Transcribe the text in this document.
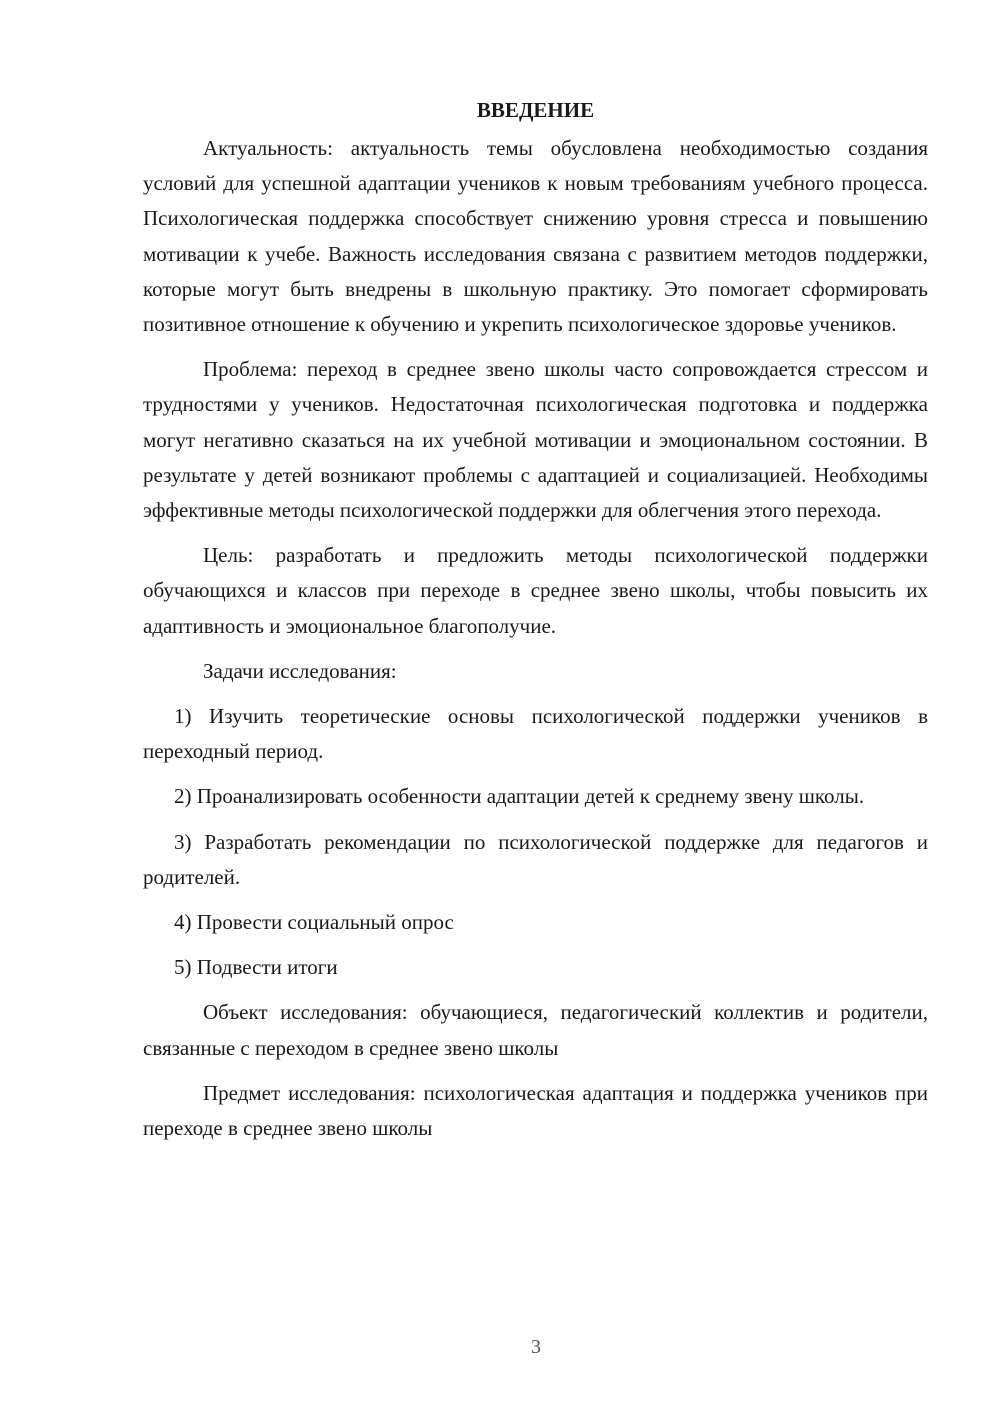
ВВЕДЕНИЕ

Актуальность: актуальность темы обусловлена необходимостью создания условий для успешной адаптации учеников к новым требованиям учебного процесса. Психологическая поддержка способствует снижению уровня стресса и повышению мотивации к учебе. Важность исследования связана с развитием методов поддержки, которые могут быть внедрены в школьную практику. Это помогает сформировать позитивное отношение к обучению и укрепить психологическое здоровье учеников.

Проблема: переход в среднее звено школы часто сопровождается стрессом и трудностями у учеников. Недостаточная психологическая подготовка и поддержка могут негативно сказаться на их учебной мотивации и эмоциональном состоянии. В результате у детей возникают проблемы с адаптацией и социализацией. Необходимы эффективные методы психологической поддержки для облегчения этого перехода.

Цель: разработать и предложить методы психологической поддержки обучающихся и классов при переходе в среднее звено школы, чтобы повысить их адаптивность и эмоциональное благополучие.

Задачи исследования:

1) Изучить теоретические основы психологической поддержки учеников в переходный период.

2) Проанализировать особенности адаптации детей к среднему звену школы.

3) Разработать рекомендации по психологической поддержке для педагогов и родителей.

4) Провести социальный опрос

5) Подвести итоги

Объект исследования: обучающиеся, педагогический коллектив и родители, связанные с переходом в среднее звено школы

Предмет исследования: психологическая адаптация и поддержка учеников при переходе в среднее звено школы

3
